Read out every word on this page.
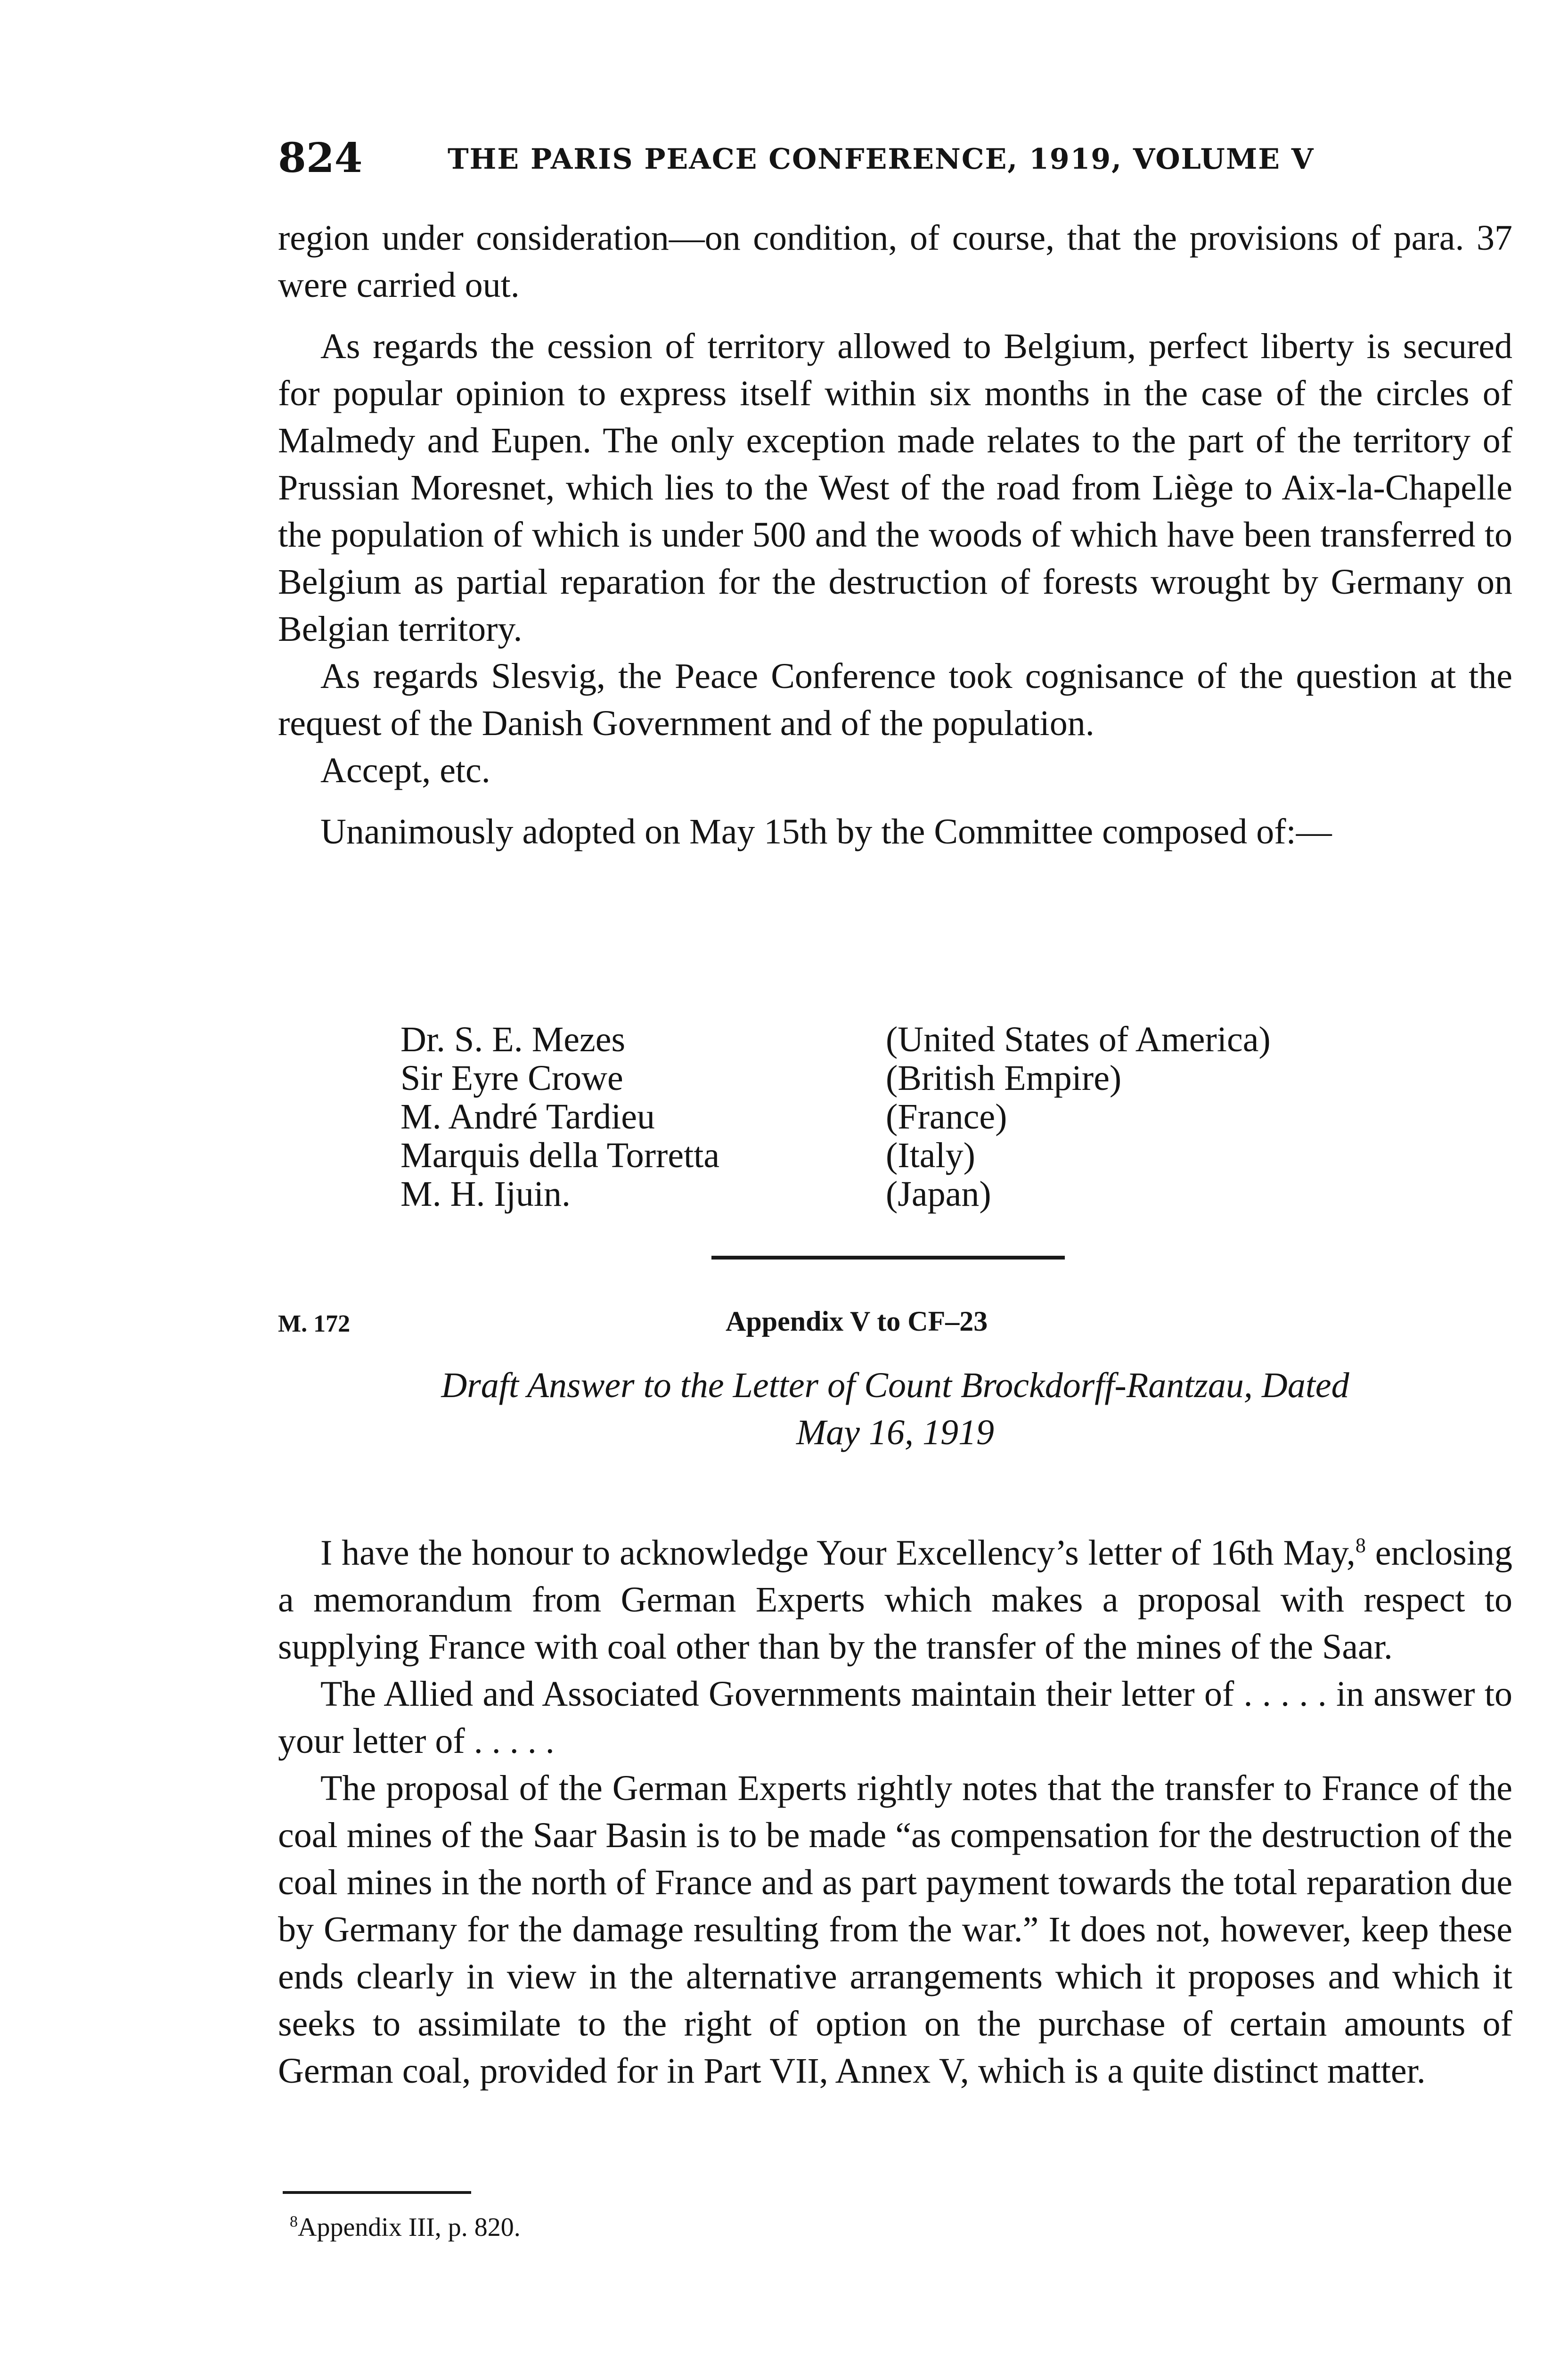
824	THE PARIS PEACE CONFERENCE, 1919, VOLUME V

region under consideration—on condition, of course, that the provisions of para. 37 were carried out.

As regards the cession of territory allowed to Belgium, perfect liberty is secured for popular opinion to express itself within six months in the case of the circles of Malmedy and Eupen. The only exception made relates to the part of the territory of Prussian Moresnet, which lies to the West of the road from Liège to Aix-la-Chapelle the population of which is under 500 and the woods of which have been transferred to Belgium as partial reparation for the destruction of forests wrought by Germany on Belgian territory.

As regards Slesvig, the Peace Conference took cognisance of the question at the request of the Danish Government and of the population.

Accept, etc.

Unanimously adopted on May 15th by the Committee composed of:—

Dr. S. E. Mezes	(United States of America)
Sir Eyre Crowe	(British Empire)
M. André Tardieu	(France)
Marquis della Torretta	(Italy)
M. H. Ijuin.	(Japan)
M. 172	Appendix V to CF–23
Draft Answer to the Letter of Count Brockdorff-Rantzau, Dated
May 16, 1919

I have the honour to acknowledge Your Excellency’s letter of 16th May,$^8$ enclosing a memorandum from German Experts which makes a proposal with respect to supplying France with coal other than by the transfer of the mines of the Saar.

The Allied and Associated Governments maintain their letter of . . . . . in answer to your letter of . . . . .

The proposal of the German Experts rightly notes that the transfer to France of the coal mines of the Saar Basin is to be made “as compensation for the destruction of the coal mines in the north of France and as part payment towards the total reparation due by Germany for the damage resulting from the war.” It does not, however, keep these ends clearly in view in the alternative arrangements which it proposes and which it seeks to assimilate to the right of option on the purchase of certain amounts of German coal, provided for in Part VII, Annex V, which is a quite distinct matter.

$^8$Appendix III, p. 820.
